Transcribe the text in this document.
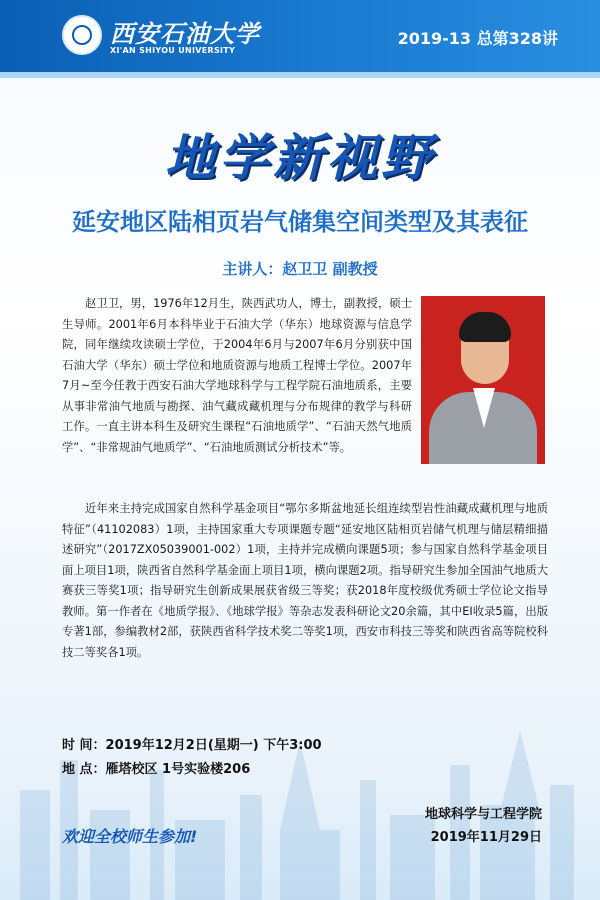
西安石油大学
XI'AN SHIYOU UNIVERSITY
2019-13 总第328讲
地学新视野
延安地区陆相页岩气储集空间类型及其表征
主讲人：赵卫卫 副教授

赵卫卫，男，1976年12月生，陕西武功人，博士，副教授，硕士生导师。2001年6月本科毕业于石油大学（华东）地球资源与信息学院，同年继续攻读硕士学位，于2004年6月与2007年6月分别获中国石油大学（华东）硕士学位和地质资源与地质工程博士学位。2007年7月~至今任教于西安石油大学地球科学与工程学院石油地质系，主要从事非常油气地质与勘探、油气藏成藏机理与分布规律的教学与科研工作。一直主讲本科生及研究生课程“石油地质学”、“石油天然气地质学”、“非常规油气地质学”、“石油地质测试分析技术”等。

近年来主持完成国家自然科学基金项目“鄂尔多斯盆地延长组连续型岩性油藏成藏机理与地质特征”（41102083）1项，主持国家重大专项课题专题“延安地区陆相页岩储气机理与储层精细描述研究”（2017ZX05039001-002）1项，主持并完成横向课题5项；参与国家自然科学基金项目面上项目1项，陕西省自然科学基金面上项目1项，横向课题2项。指导研究生参加全国油气地质大赛获三等奖1项；指导研究生创新成果展获省级三等奖；获2018年度校级优秀硕士学位论文指导教师。第一作者在《地质学报》、《地球学报》等杂志发表科研论文20余篇，其中EI收录5篇，出版专著1部，参编教材2部，获陕西省科学技术奖二等奖1项，西安市科技三等奖和陕西省高等院校科技二等奖各1项。

时 间：2019年12月2日(星期一) 下午3:00
地 点：雁塔校区 1号实验楼206
欢迎全校师生参加!
地球科学与工程学院
2019年11月29日
